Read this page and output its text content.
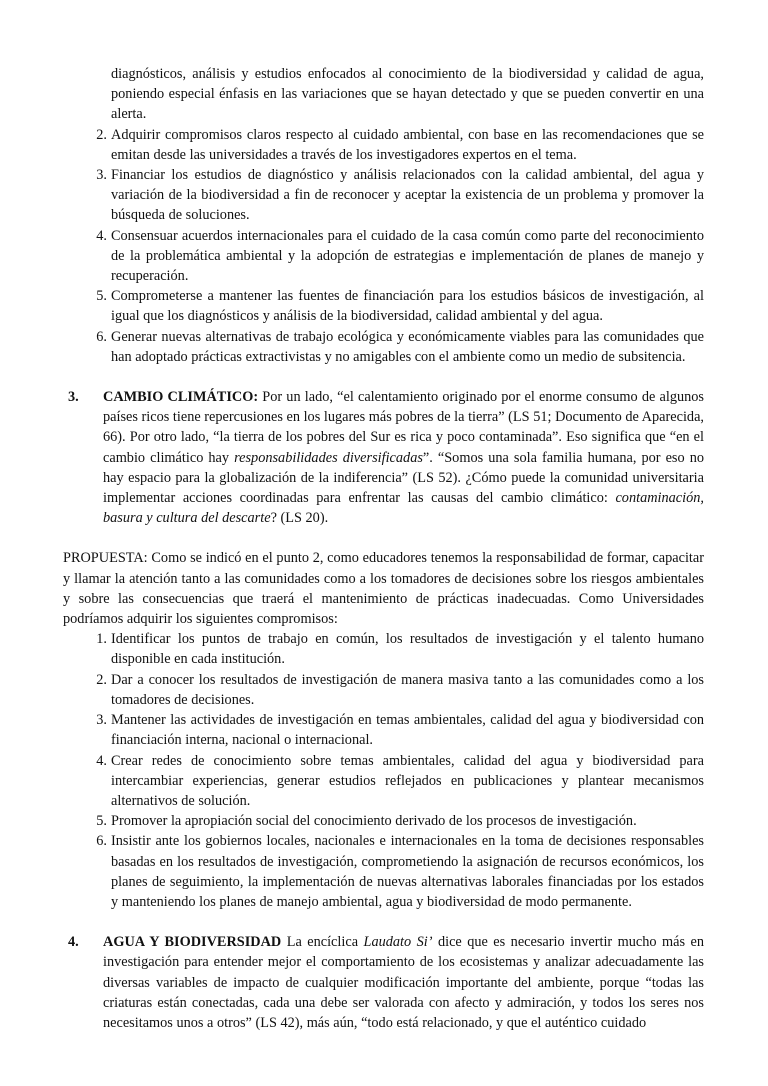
diagnósticos, análisis y estudios enfocados al conocimiento de la biodiversidad y calidad de agua, poniendo especial énfasis en las variaciones que se hayan detectado y que se pueden convertir en una alerta.

2. Adquirir compromisos claros respecto al cuidado ambiental, con base en las recomendaciones que se emitan desde las universidades a través de los investigadores expertos en el tema.
3. Financiar los estudios de diagnóstico y análisis relacionados con la calidad ambiental, del agua y variación de la biodiversidad a fin de reconocer y aceptar la existencia de un problema y promover la búsqueda de soluciones.
4. Consensuar acuerdos internacionales para el cuidado de la casa común como parte del reconocimiento de la problemática ambiental y la adopción de estrategias e implementación de planes de manejo y recuperación.
5. Comprometerse a mantener las fuentes de financiación para los estudios básicos de investigación, al igual que los diagnósticos y análisis de la biodiversidad, calidad ambiental y del agua.
6. Generar nuevas alternativas de trabajo ecológica y económicamente viables para las comunidades que han adoptado prácticas extractivistas y no amigables con el ambiente como un medio de subsitencia.
3. CAMBIO CLIMÁTICO: Por un lado, “el calentamiento originado por el enorme consumo de algunos países ricos tiene repercusiones en los lugares más pobres de la tierra” (LS 51; Documento de Aparecida, 66). Por otro lado, “la tierra de los pobres del Sur es rica y poco contaminada”. Eso significa que “en el cambio climático hay responsabilidades diversificadas”. “Somos una sola familia humana, por eso no hay espacio para la globalización de la indiferencia” (LS 52). ¿Cómo puede la comunidad universitaria implementar acciones coordinadas para enfrentar las causas del cambio climático: contaminación, basura y cultura del descarte? (LS 20).

PROPUESTA: Como se indicó en el punto 2, como educadores tenemos la responsabilidad de formar, capacitar y llamar la atención tanto a las comunidades como a los tomadores de decisiones sobre los riesgos ambientales y sobre las consecuencias que traerá el mantenimiento de prácticas inadecuadas. Como Universidades podríamos adquirir los siguientes compromisos:

1. Identificar los puntos de trabajo en común, los resultados de investigación y el talento humano disponible en cada institución.
2. Dar a conocer los resultados de investigación de manera masiva tanto a las comunidades como a los tomadores de decisiones.
3. Mantener las actividades de investigación en temas ambientales, calidad del agua y biodiversidad con financiación interna, nacional o internacional.
4. Crear redes de conocimiento sobre temas ambientales, calidad del agua y biodiversidad para intercambiar experiencias, generar estudios reflejados en publicaciones y plantear mecanismos alternativos de solución.
5. Promover la apropiación social del conocimiento derivado de los procesos de investigación.
6. Insistir ante los gobiernos locales, nacionales e internacionales en la toma de decisiones responsables basadas en los resultados de investigación, comprometiendo la asignación de recursos económicos, los planes de seguimiento, la implementación de nuevas alternativas laborales financiadas por los estados y manteniendo los planes de manejo ambiental, agua y biodiversidad de modo permanente.
4. AGUA Y BIODIVERSIDAD La encíclica Laudato Si’ dice que es necesario invertir mucho más en investigación para entender mejor el comportamiento de los ecosistemas y analizar adecuadamente las diversas variables de impacto de cualquier modificación importante del ambiente, porque “todas las criaturas están conectadas, cada una debe ser valorada con afecto y admiración, y todos los seres nos necesitamos unos a otros” (LS 42), más aún, “todo está relacionado, y que el auténtico cuidado
